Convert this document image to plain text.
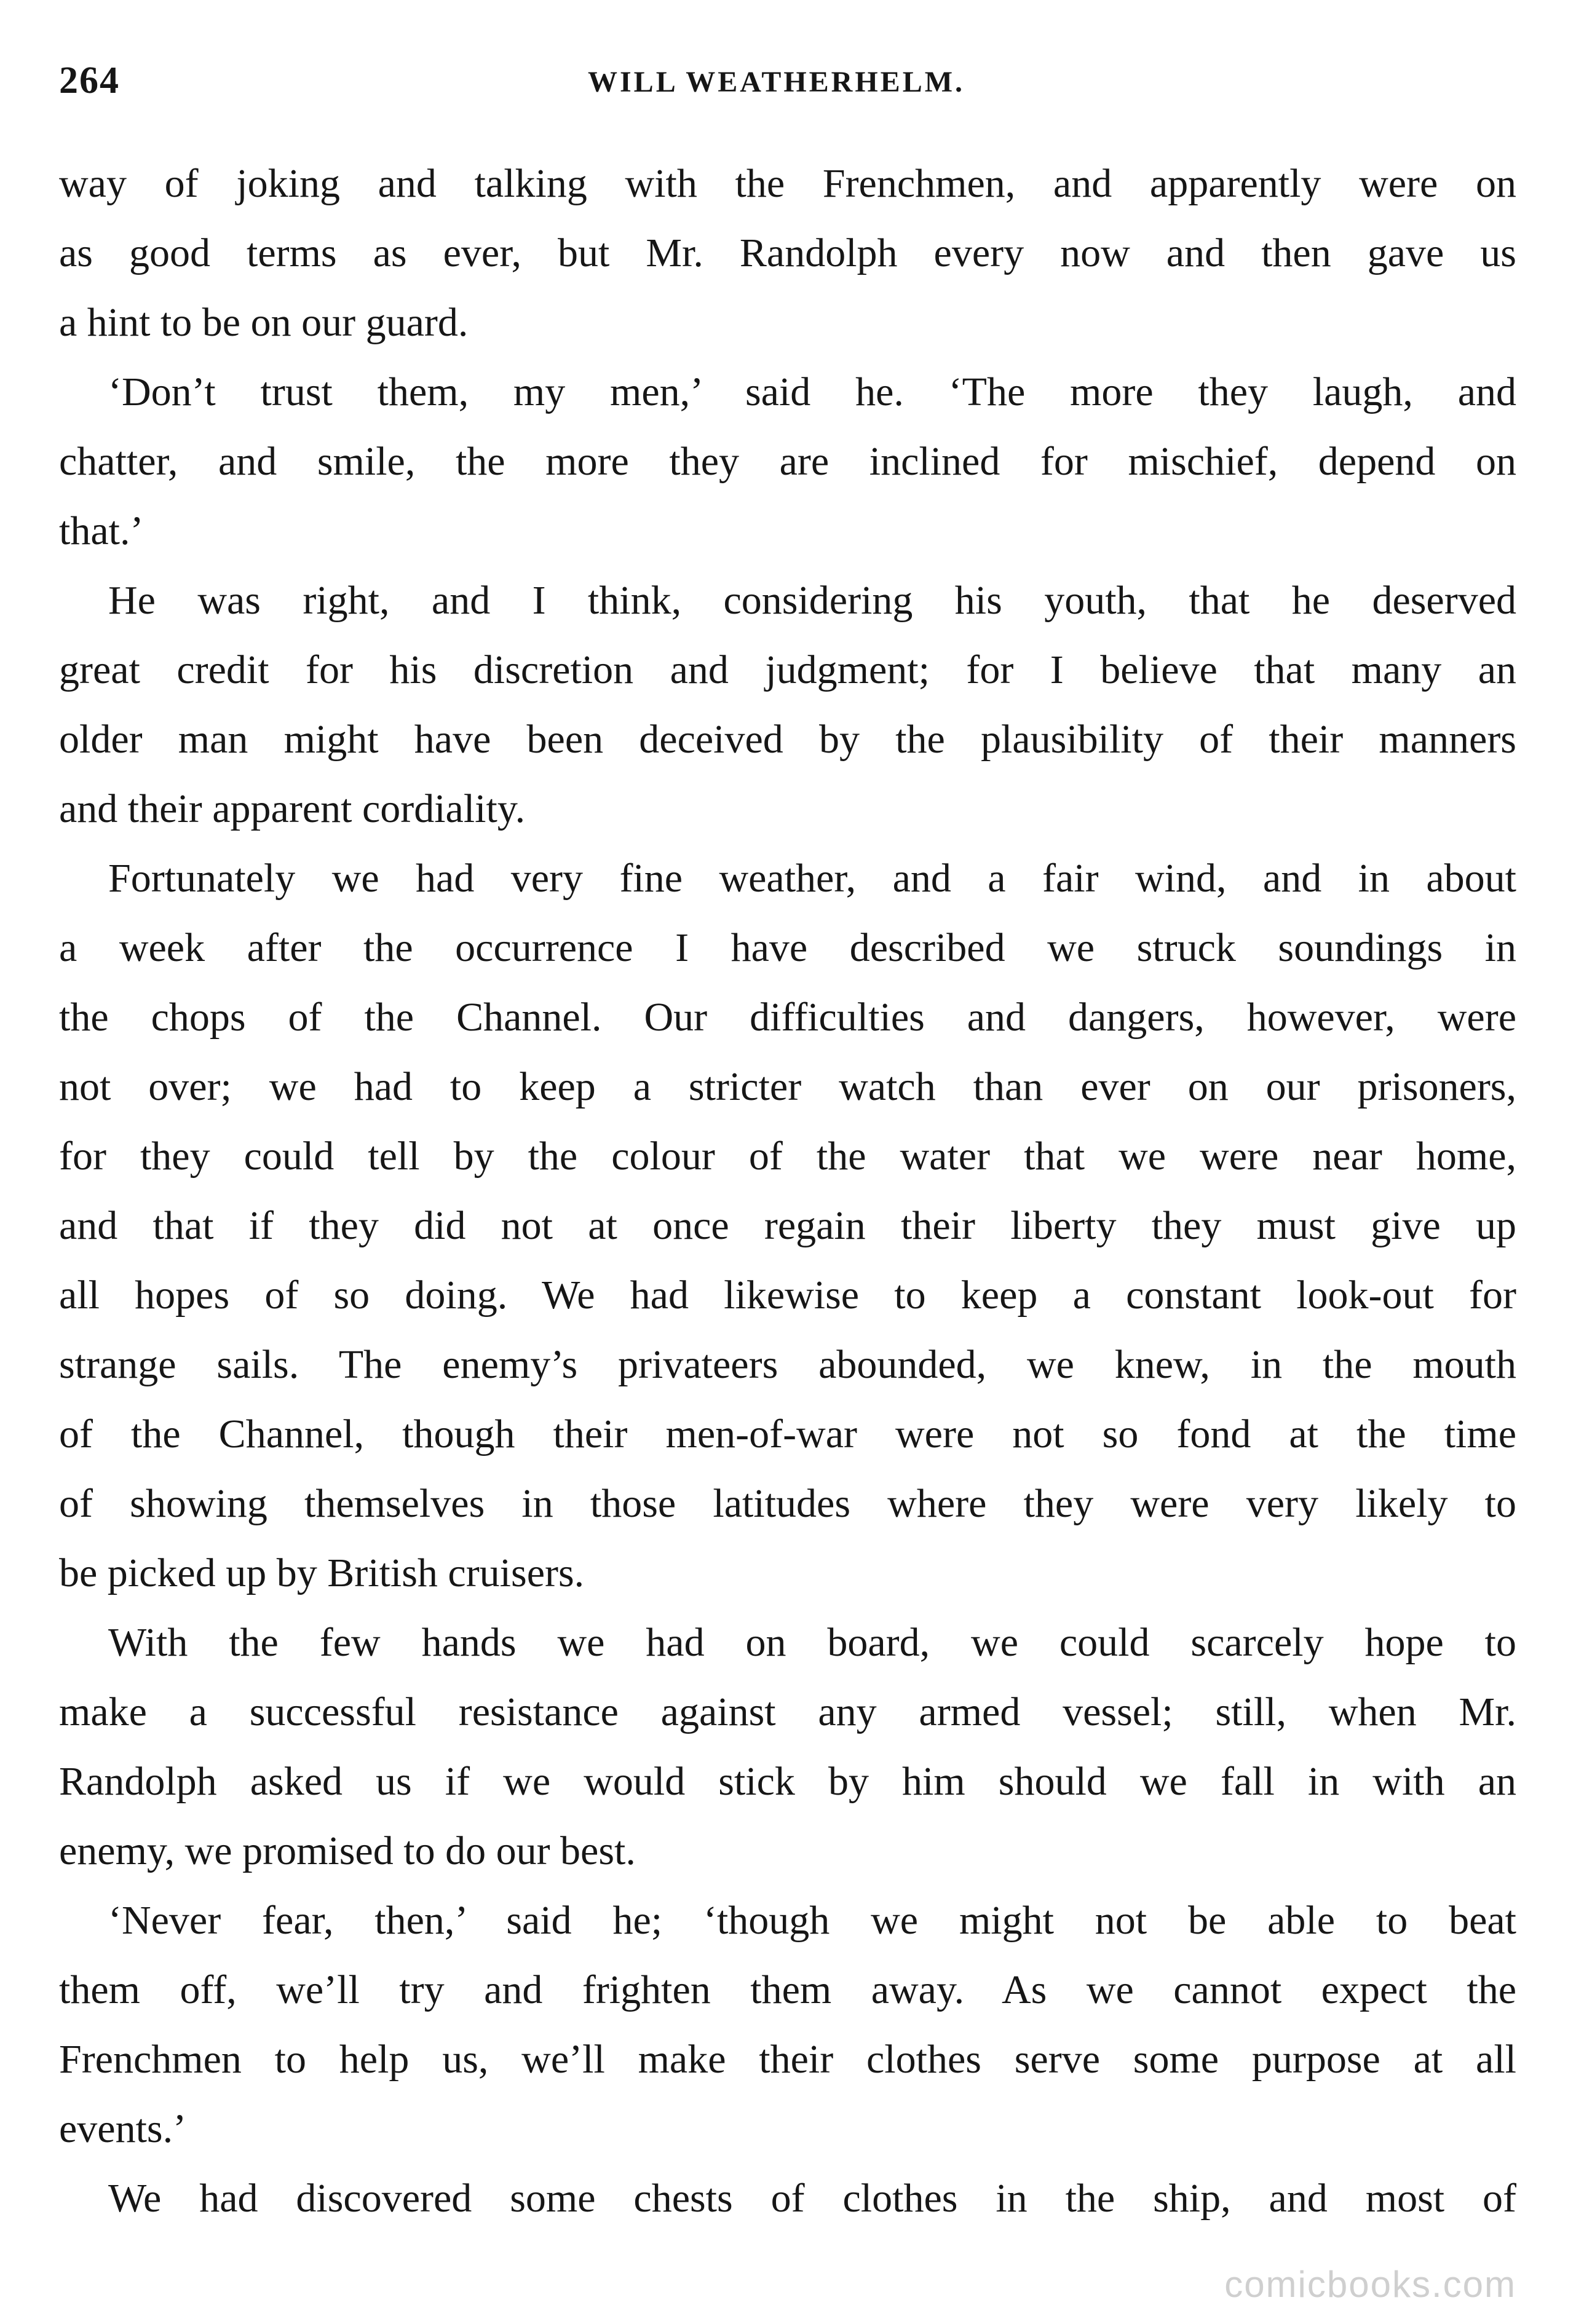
264	WILL WEATHERHELM.
way of joking and talking with the Frenchmen, and apparently were on
as good terms as ever, but Mr. Randolph every now and then gave us
a hint to be on our guard.
‘Don’t trust them, my men,’ said he. ‘The more they laugh, and
chatter, and smile, the more they are inclined for mischief, depend on
that.’
He was right, and I think, considering his youth, that he deserved
great credit for his discretion and judgment; for I believe that many an
older man might have been deceived by the plausibility of their manners
and their apparent cordiality.
Fortunately we had very fine weather, and a fair wind, and in about
a week after the occurrence I have described we struck soundings in
the chops of the Channel. Our difficulties and dangers, however, were
not over; we had to keep a stricter watch than ever on our prisoners,
for they could tell by the colour of the water that we were near home,
and that if they did not at once regain their liberty they must give up
all hopes of so doing. We had likewise to keep a constant look-out for
strange sails. The enemy’s privateers abounded, we knew, in the mouth
of the Channel, though their men-of-war were not so fond at the time
of showing themselves in those latitudes where they were very likely to
be picked up by British cruisers.
With the few hands we had on board, we could scarcely hope to
make a successful resistance against any armed vessel; still, when Mr.
Randolph asked us if we would stick by him should we fall in with an
enemy, we promised to do our best.
‘Never fear, then,’ said he; ‘though we might not be able to beat
them off, we’ll try and frighten them away. As we cannot expect the
Frenchmen to help us, we’ll make their clothes serve some purpose at all
events.’
We had discovered some chests of clothes in the ship, and most of
comicbooks.com
